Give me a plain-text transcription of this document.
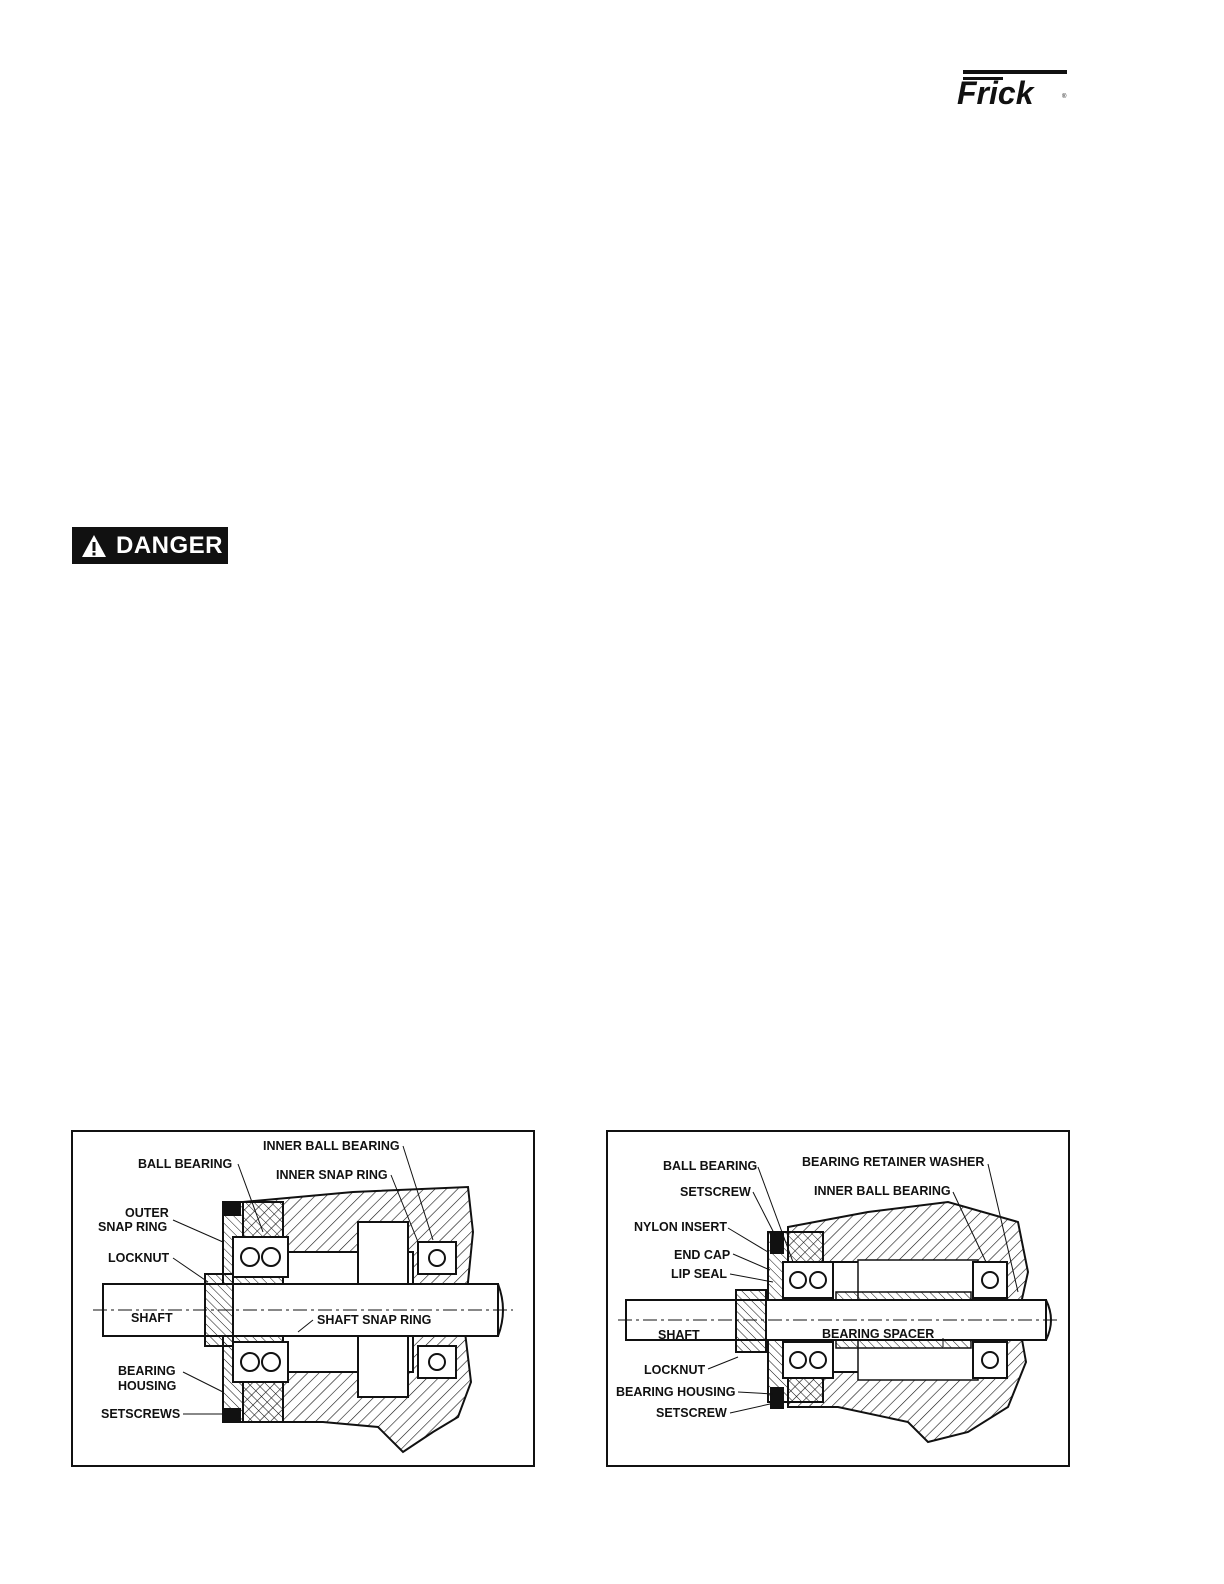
Frick	®
DANGER
INNER BALL BEARING
BALL BEARING
INNER SNAP RING
OUTER
SNAP RING
LOCKNUT
SHAFT	SHAFT SNAP RING
BEARING
HOUSING
SETSCREWS
BALL BEARING	BEARING RETAINER WASHER
SETSCREW	INNER BALL BEARING
NYLON INSERT
END CAP
LIP SEAL
SHAFT	BEARING SPACER
LOCKNUT
BEARING HOUSING
SETSCREW
